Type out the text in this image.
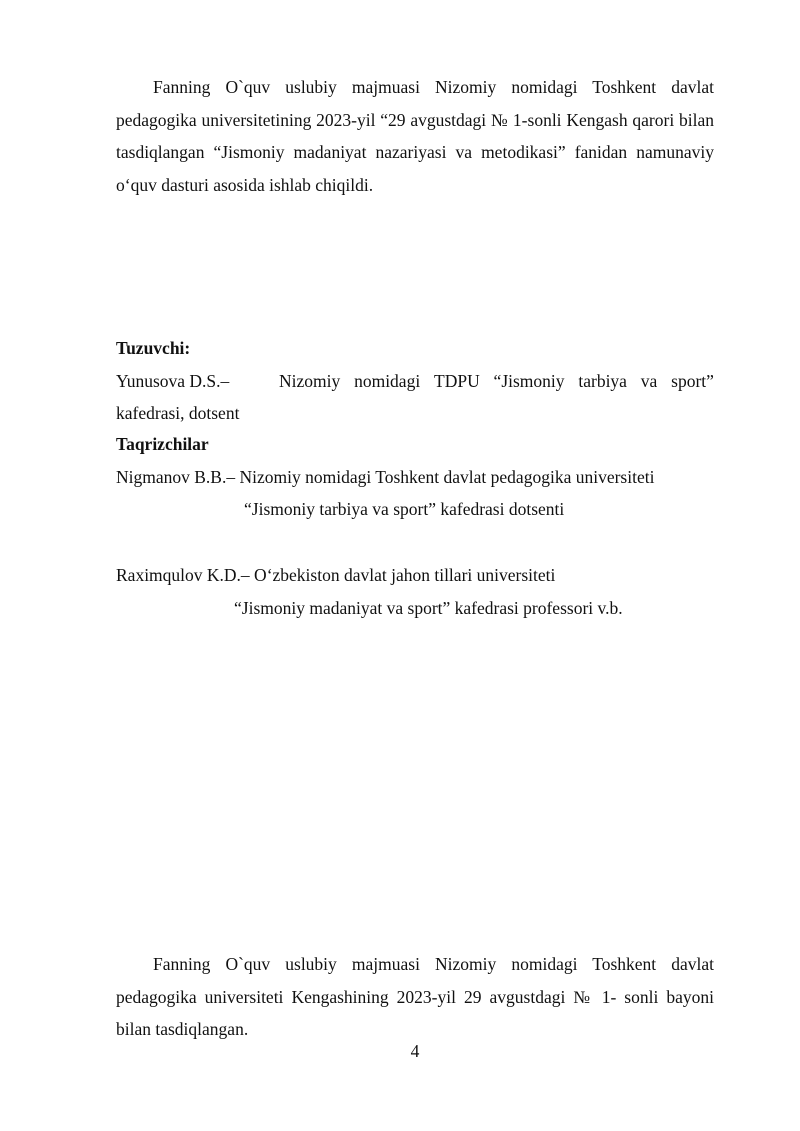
Fanning O`quv uslubiy majmuasi Nizomiy nomidagi Toshkent davlat pedagogika universitetining 2023-yil “29 avgustdagi № 1-sonli Kengash qarori bilan tasdiqlangan “Jismoniy madaniyat nazariyasi va metodikasi” fanidan namunaviy o‘quv dasturi asosida ishlab chiqildi.

Tuzuvchi:
Yunusova D.S.–	Nizomiy nomidagi TDPU “Jismoniy tarbiya va sport”
kafedrasi, dotsent
Taqrizchilar
Nigmanov B.B.– Nizomiy nomidagi Toshkent davlat pedagogika universiteti
“Jismoniy tarbiya va sport” kafedrasi dotsenti
Raximqulov K.D.– O‘zbekiston davlat jahon tillari universiteti
“Jismoniy madaniyat va sport” kafedrasi professori v.b.

Fanning O`quv uslubiy majmuasi Nizomiy nomidagi Toshkent davlat pedagogika universiteti Kengashining 2023-yil 29 avgustdagi № 1- sonli bayoni bilan tasdiqlangan.

4
